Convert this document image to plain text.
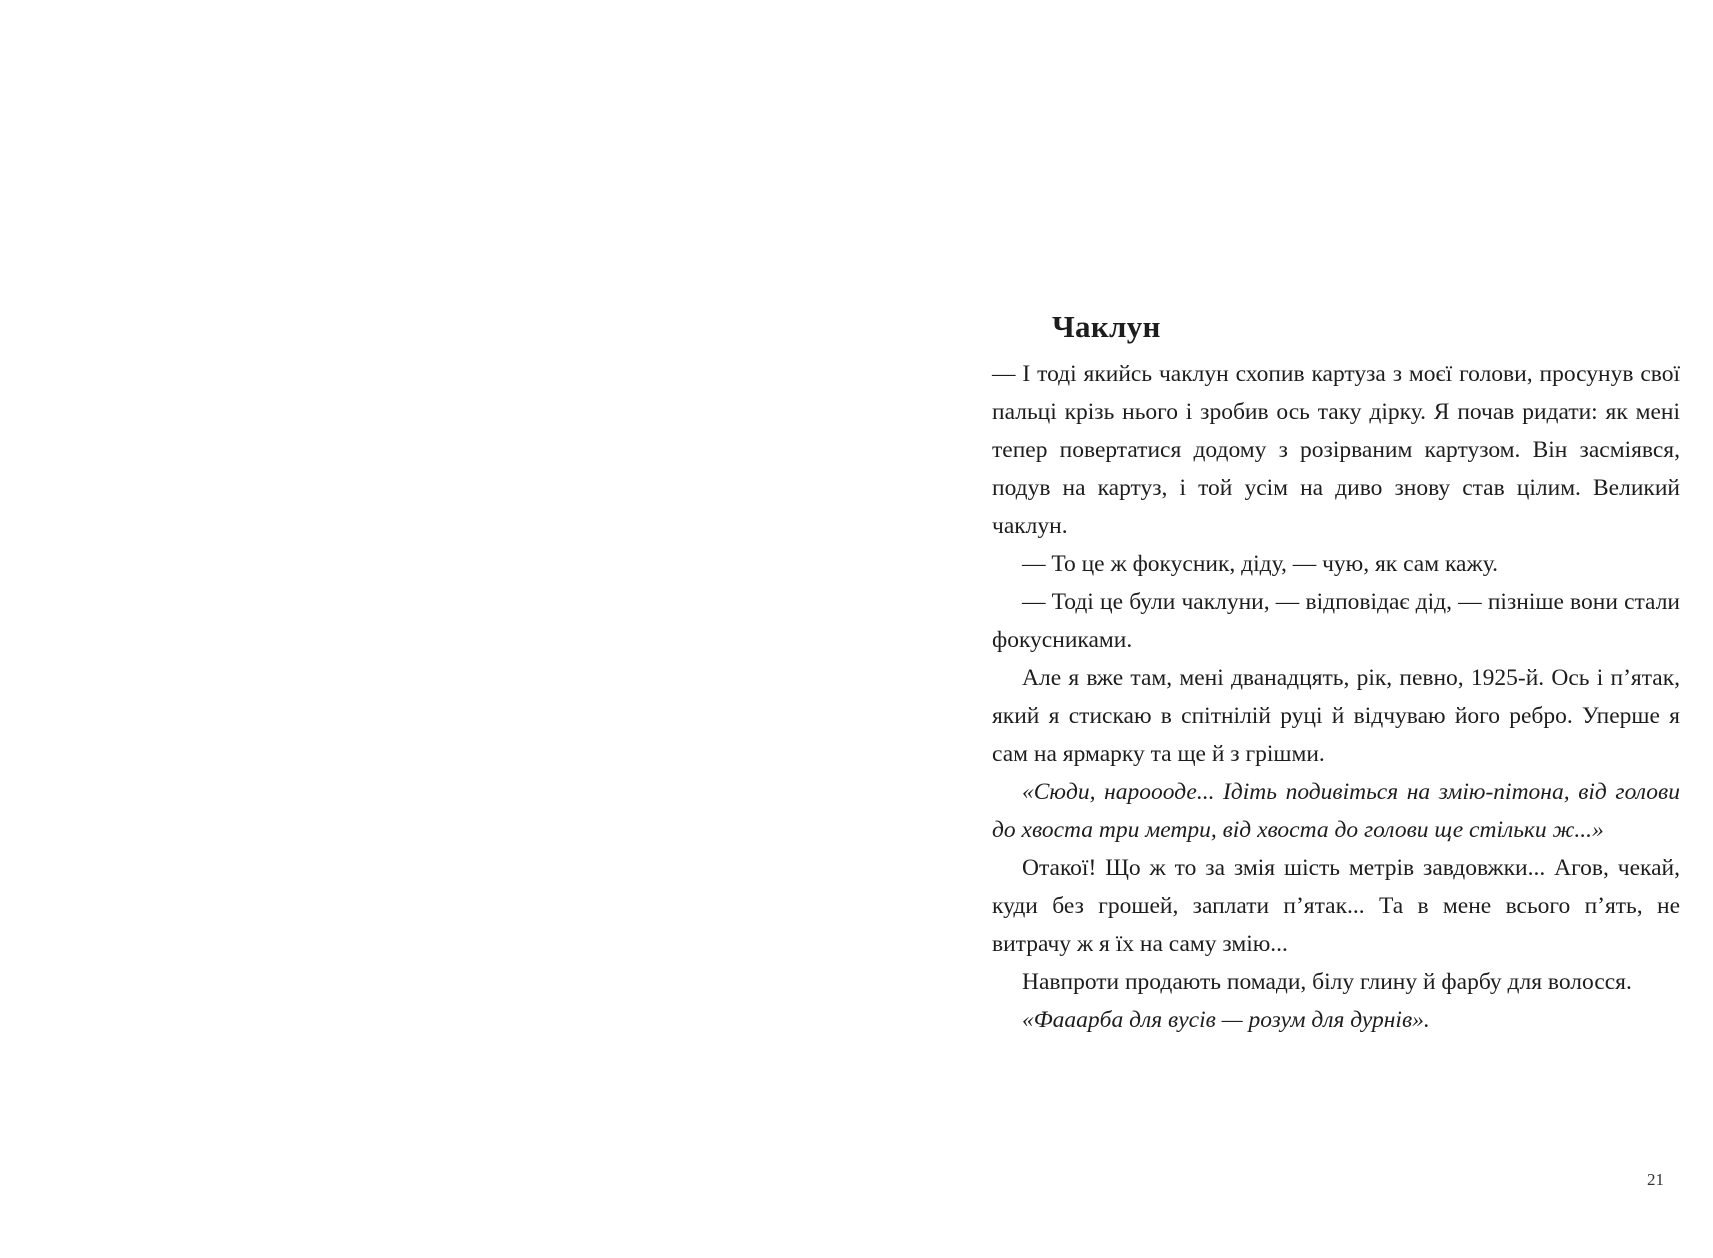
Чаклун

— І тоді якийсь чаклун схопив картуза з моєї голови, просунув свої пальці крізь нього і зробив ось таку дірку. Я почав ридати: як мені тепер повертатися додому з розірваним картузом. Він засміявся, подув на картуз, і той усім на диво знову став цілим. Великий чаклун.

— То це ж фокусник, діду, — чую, як сам кажу.

— Тоді це були чаклуни, — відповідає дід, — пізніше вони стали фокусниками.

Але я вже там, мені дванадцять, рік, певно, 1925-й. Ось і п’ятак, який я стискаю в спітнілій руці й відчуваю його ребро. Уперше я сам на ярмарку та ще й з грішми.

«Сюди, нароооде... Ідіть подивіться на змію-пітона, від голови до хвоста три метри, від хвоста до голови ще стільки ж...»

Отакої! Що ж то за змія шість метрів завдовжки... Агов, чекай, куди без грошей, заплати п’ятак... Та в мене всього п’ять, не витрачу ж я їх на саму змію...

Навпроти продають помади, білу глину й фарбу для волосся.

«Фааарба для вусів — розум для дурнів».

21
